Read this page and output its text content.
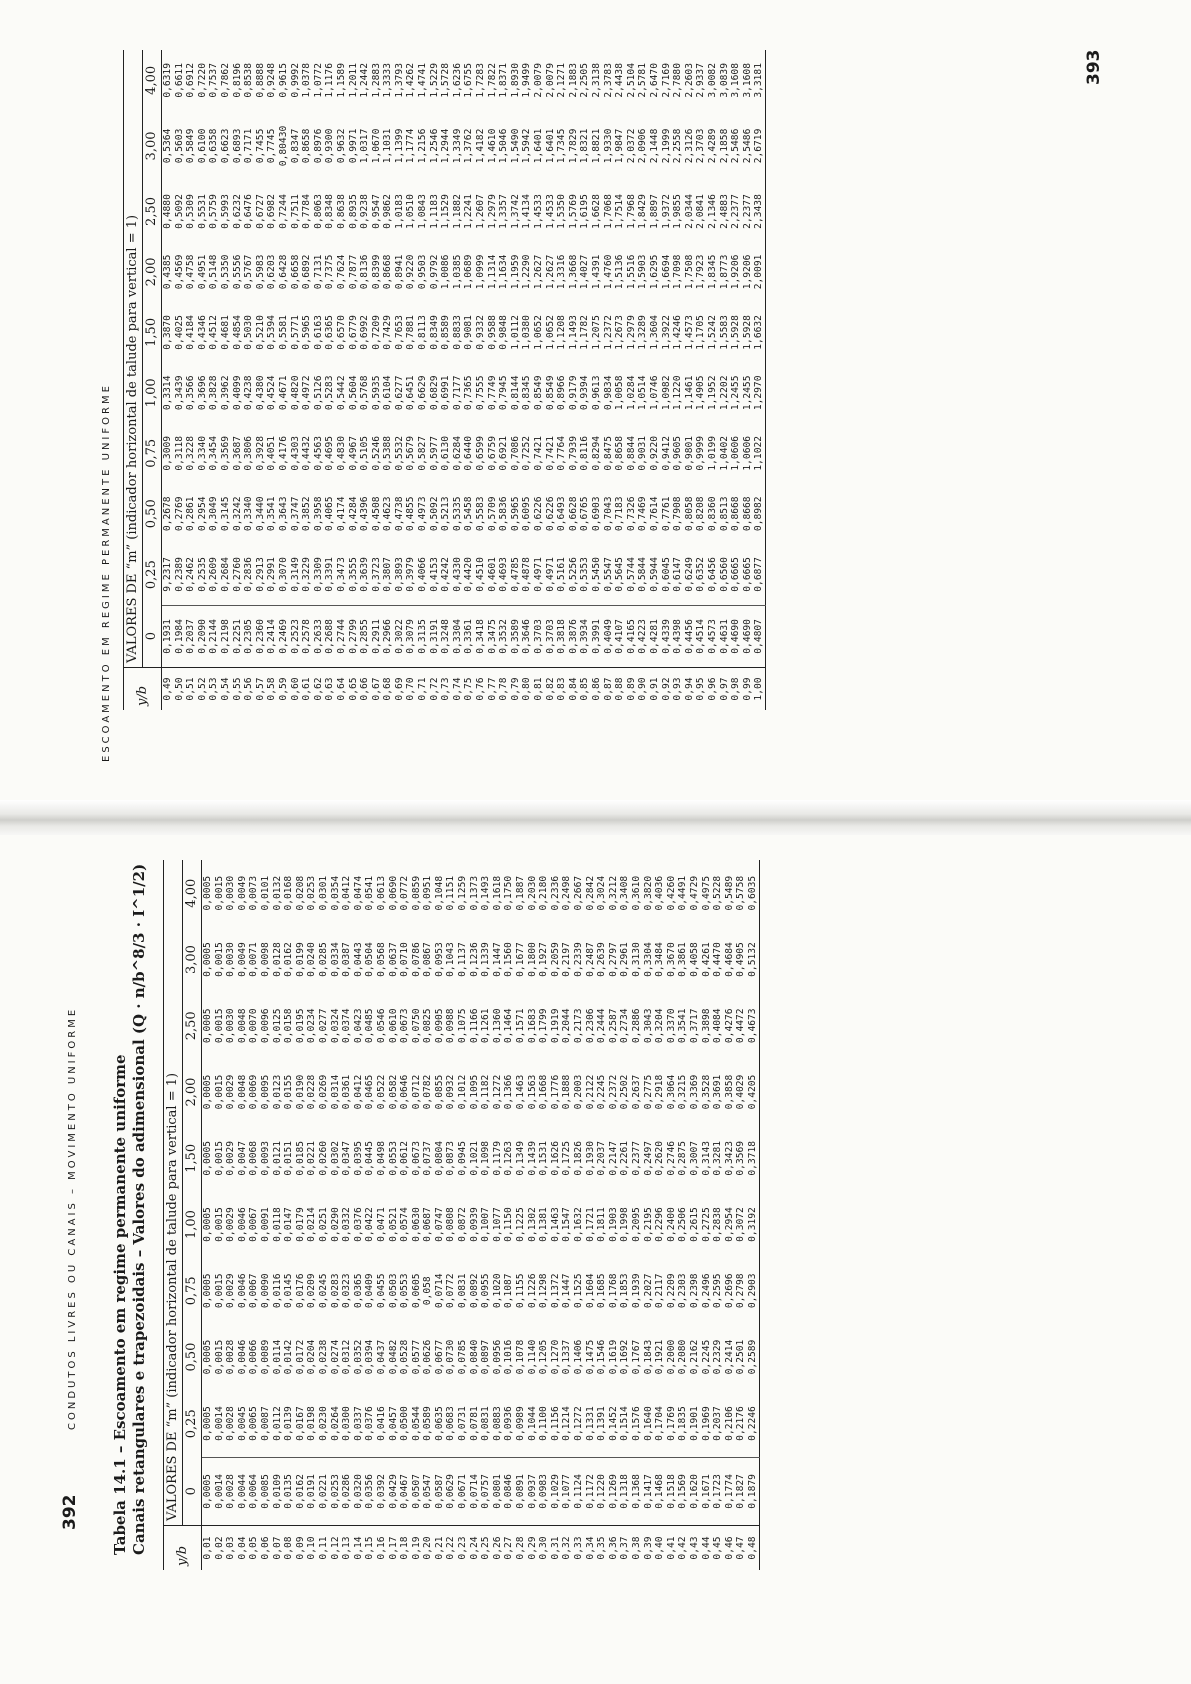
393
ESCOAMENTO EM REGIME PERMANENTE UNIFORME y/b	VALORES DE “m” (indicador horizontal de talude para vertical = 1)									
	0	0,25	0,50	0,75	1,00	1,50	2,00	2,50	3,00	4,00
0,49	0,1931	9,2317	0,2678	0,3009	0,3314	0,3870	0,4385	0,4880	0,5364	0,6319
0,50	0,1984	0,2389	0,2769	0,3118	0,3439	0,4025	0,4569	0,5092	0,5603	0,6611
0,51	0,2037	0,2462	0,2861	0,3228	0,3566	0,4184	0,4758	0,5309	0,5849	0,6912
0,52	0,2090	0,2535	0,2954	0,3340	0,3696	0,4346	0,4951	0,5531	0,6100	0,7220
0,53	0,2144	0,2609	0,3049	0,3454	0,3828	0,4512	0,5148	0,5759	0,6358	0,7537
0,54	0,2198	0,2684	0,3145	0,3569	0,3962	0,4681	0,5350	0,5993	0,6623	0,7862
0,55	0,2251	0,2760	0,3242	0,3687	0,4099	0,4854	0,5556	0,6232	0,6893	0,8196
0,56	0,2305	0,2836	0,3340	0,3806	0,4238	0,5030	0,5767	0,6476	0,7171	0,8538
0,57	0,2360	0,2913	0,3440	0,3928	0,4380	0,5210	0,5983	0,6727	0,7455	0,8888
0,58	0,2414	0,2991	0,3541	0,4051	0,4524	0,5394	0,6203	0,6982	0,7745	0,9248
0,59	0,2469	0,3070	0,3643	0,4176	0,4671	0,5581	0,6428	0,7244	0,80430	0,9615
0,60	0,2523	0,3149	0,3747	0,4303	0,4820	0,5771	0,6658	0,7511	0,8347	0,9992
0,61	0,2578	0,3229	0,3852	0,4432	0,4972	0,5965	0,6892	0,7784	0,8658	1,0378
0,62	0,2633	0,3309	0,3958	0,4563	0,5126	0,6163	0,7131	0,8063	0,8976	1,0772
0,63	0,2688	0,3391	0,4065	0,4695	0,5283	0,6365	0,7375	0,8348	0,9300	1,1176
0,64	0,2744	0,3473	0,4174	0,4830	0,5442	0,6570	0,7624	0,8638	0,9632	1,1589
0,65	0,2799	0,3555	0,4284	0,4967	0,5604	0,6779	0,7877	0,8935	0,9971	1,2011
0,66	0,2855	0,3639	0,4396	0,5105	0,5768	0,6992	0,8136	0,9238	1,0317	1,2442
0,67	0,2911	0,3723	0,4508	0,5246	0,5935	0,7209	0,8399	0,9547	1,0670	1,2883
0,68	0,2966	0,3807	0,4623	0,5388	0,6104	0,7429	0,8668	0,9862	1,1031	1,3333
0,69	0,3022	0,3893	0,4738	0,5532	0,6277	0,7653	0,8941	1,0183	1,1399	1,3793
0,70	0,3079	0,3979	0,4855	0,5679	0,6451	0,7881	0,9220	1,0510	1,1774	1,4262
0,71	0,3135	0,4066	0,4973	0,5827	0,6629	0,8113	0,9503	1,0843	1,2156	1,4741
0,72	0,3191	0,4153	0,5092	0,5977	0,6829	0,8349	0,9792	1,1183	1,2546	1,5229
0,73	0,3248	0,4242	0,5213	0,6130	0,6991	0,8589	1,0086	1,1529	1,2944	1,5728
0,74	0,3304	0,4330	0,5335	0,6284	0,7177	0,8833	1,0385	1,1882	1,3349	1,6236
0,75	0,3361	0,4420	0,5458	0,6440	0,7365	0,9081	1,0689	1,2241	1,3762	1,6755
0,76	0,3418	0,4510	0,5583	0,6599	0,7555	0,9332	1,0999	1,2607	1,4182	1,7283
0,77	0,3475	0,4601	0,5709	0,6759	0,7749	0,9588	1,1314	1,2979	1,4610	1,7822
0,78	0,3532	0,4693	0,5836	0,6921	0,7945	0,9848	1,1634	1,3357	1,5046	1,8371
0,79	0,3589	0,4785	0,5965	0,7086	0,8144	1,0112	1,1959	1,3742	1,5490	1,8930
0,80	0,3646	0,4878	0,6095	0,7252	0,8345	1,0380	1,2290	1,4134	1,5942	1,9499
0,81	0,3703	0,4971	0,6226	0,7421	0,8549	1,0652	1,2627	1,4533	1,6401	2,0079
0,82	0,3703	0,4971	0,6226	0,7421	0,8549	1,0652	1,2627	1,4533	1,6401	2,0079
0,83	0,3818	0,5161	0,6493	0,7764	0,8966	1,1208	1,3316	1,5350	1,7345	2,1271
0,84	0,3876	0,5256	0,6628	0,7939	0,9179	1,1493	1,3668	1,5769	1,7829	2,1883
0,85	0,3934	0,5353	0,6765	0,8116	0,9394	1,1782	1,4027	1,6195	1,8321	2,2505
0,86	0,3991	0,5450	0,6903	0,8294	0,9613	1,2075	1,4391	1,6628	1,8821	2,3138
0,87	0,4049	0,5547	0,7043	0,8475	0,9834	1,2372	1,4760	1,7068	1,9330	2,3783
0,88	0,4107	0,5645	0,7183	0,8658	1,0058	1,2673	1,5136	1,7514	1,9847	2,4438
0,89	0,4165	0,5744	0,7326	0,8844	1,0284	1,2979	1,5516	1,7968	2,0372	2,5104
0,90	0,4223	0,5844	0,7469	0,9031	1,0514	1,3289	1,5903	1,8429	2,0906	2,5781
0,91	0,4281	0,5944	0,7614	0,9220	1,0746	1,3604	1,6295	1,8897	2,1448	2,6470
0,92	0,4339	0,6045	0,7761	0,9412	1,0982	1,3922	1,6694	1,9372	2,1999	2,7169
0,93	0,4398	0,6147	0,7908	0,9605	1,1220	1,4246	1,7098	1,9855	2,2558	2,7880
0,94	0,4456	0,6249	0,8058	0,9801	1,1461	1,4573	1,7508	2,0344	2,3126	2,2603
0,95	0,4514	0,6352	0,8208	0,9999	1,4905	1,1705	1,7923	2,0841	2,3703	2,9337
0,96	0,4573	0,6456	0,8360	1,0199	1,1952	1,5242	1,8345	2,1346	2,4289	3,0082
0,97	0,4631	0,6560	0,8513	1,0402	1,2202	1,5583	1,8773	2,4883	2,1858	3,0839
0,98	0,4690	0,6665	0,8668	1,0606	1,2455	1,5928	1,9206	2,2377	2,5486	3,1608
0,99	0,4690	0,6665	0,8668	1,0606	1,2455	1,5928	1,9206	2,2377	2,5486	3,1608
1,00	0,4807	0,6877	0,8982	1,1022	1,2970	1,6632	2,0091	2,3438	2,6719	3,3181
392
CONDUTOS LIVRES OU CANAIS – MOVIMENTO UNIFORME Tabela 14.1 – Escoamento em regime permanente uniforme Canais retangulares e trapezoidais – Valores do adimensional (Q · n/b^8/3 · I^1/2)
y/b	VALORES DE “m” (indicador horizontal de talude para vertical = 1)									
	0	0,25	0,50	0,75	1,00	1,50	2,00	2,50	3,00	4,00
0,01	0,0005	0,0005	0,0005	0,0005	0,0005	0,0005	0,0005	0,0005	0,0005	0,0005
0,02	0,0014	0,0014	0,0015	0,0015	0,0015	0,0015	0,0015	0,0015	0,0015	0,0015
0,03	0,0028	0,0028	0,0028	0,0029	0,0029	0,0029	0,0029	0,0030	0,0030	0,0030
0,04	0,0044	0,0045	0,0046	0,0046	0,0046	0,0047	0,0048	0,0048	0,0049	0,0049
0,05	0,0064	0,0065	0,0066	0,0067	0,0067	0,0068	0,0069	0,0070	0,0071	0,0073
0,06	0,0085	0,0087	0,0089	0,0090	0,0091	0,0093	0,0095	0,0096	0,0098	0,0101
0,07	0,0109	0,0112	0,0114	0,0116	0,0118	0,0121	0,0123	0,0125	0,0128	0,0132
0,08	0,0135	0,0139	0,0142	0,0145	0,0147	0,0151	0,0155	0,0158	0,0162	0,0168
0,09	0,0162	0,0167	0,0172	0,0176	0,0179	0,0185	0,0190	0,0195	0,0199	0,0208
0,10	0,0191	0,0198	0,0204	0,0209	0,0214	0,0221	0,0228	0,0234	0,0240	0,0253
0,11	0,0221	0,0230	0,0238	0,0245	0,0251	0,0260	0,0269	0,0277	0,0285	0,0301
0,12	0,0253	0,0264	0,0274	0,0283	0,0290	0,0302	0,0314	0,0324	0,0334	0,0354
0,13	0,0286	0,0300	0,0312	0,0323	0,0332	0,0347	0,0361	0,0374	0,0387	0,0412
0,14	0,0320	0,0337	0,0352	0,0365	0,0376	0,0395	0,0412	0,0423	0,0443	0,0474
0,15	0,0356	0,0376	0,0394	0,0409	0,0422	0,0445	0,0465	0,0485	0,0504	0,0541
0,16	0,0392	0,0416	0,0437	0,0455	0,0471	0,0498	0,0522	0,0546	0,0568	0,0613
0,17	0,0429	0,0457	0,0482	0,0503	0,0521	0,0553	0,0582	0,0610	0,0637	0,0690
0,18	0,0467	0,0500	0,0528	0,0553	0,0574	0,0612	0,0646	0,0673	0,0710	0,0772
0,19	0,0507	0,0544	0,0577	0,0605	0,0630	0,0673	0,0712	0,0750	0,0786	0,0859
0,20	0,0547	0,0589	0,0626	0,058	0,0687	0,0737	0,0782	0,0825	0,0867	0,0951
0,21	0,0587	0,0635	0,0677	0,0714	0,0747	0,0804	0,0855	0,0905	0,0953	0,1048
0,22	0,0629	0,0683	0,0730	0,0772	0,0808	0,0873	0,0932	0,0988	0,1043	0,1151
0,23	0,0671	0,0731	0,0785	0,0831	0,0872	0,0945	0,1012	0,1075	0,1137	0,1259
0,24	0,0714	0,0781	0,0840	0,0892	0,0939	0,1021	0,1095	0,1166	0,1236	0,1373
0,25	0,0757	0,0831	0,0897	0,0955	0,1007	0,1098	0,1182	0,1261	0,1339	0,1493
0,26	0,0801	0,0883	0,0956	0,1020	0,1077	0,1179	0,1272	0,1360	0,1447	0,1618
0,27	0,0846	0,0936	0,1016	0,1087	0,1150	0,1263	0,1366	0,1464	0,1560	0,1750
0,28	0,0891	0,0989	0,1078	0,1155	0,1225	0,1349	0,1463	0,1571	0,1677	0,1887
0,29	0,0937	0,1044	0,1140	0,1226	0,1302	0,1439	0,1563	0,1683	0,1800	0,2030
0,30	0,0983	0,1100	0,1205	0,1298	0,1381	0,1531	0,1668	0,1799	0,1927	0,2180
0,31	0,1029	0,1156	0,1270	0,1372	0,1463	0,1626	0,1776	0,1919	0,2059	0,2336
0,32	0,1077	0,1214	0,1337	0,1447	0,1547	0,1725	0,1888	0,2044	0,2197	0,2498
0,33	0,1124	0,1272	0,1406	0,1525	0,1632	0,1826	0,2003	0,2173	0,2339	0,2667
0,34	0,1172	0,1331	0,1475	0,1604	0,1721	0,1930	0,2122	0,2306	0,2487	0,2842
0,35	0,1220	0,1391	0,1546	0,1685	0,1811	0,2037	0,2245	0,2444	0,2639	0,3024
0,36	0,1269	0,1452	0,1619	0,1768	0,1903	0,2147	0,2372	0,2587	0,2797	0,3212
0,37	0,1318	0,1514	0,1692	0,1853	0,1998	0,2261	0,2502	0,2734	0,2961	0,3408
0,38	0,1368	0,1576	0,1767	0,1939	0,2095	0,2377	0,2637	0,2886	0,3130	0,3610
0,39	0,1417	0,1640	0,1843	0,2027	0,2195	0,2497	0,2775	0,3043	0,3304	0,3820
0,40	0,1468	0,1704	0,1921	0,2117	0,2296	0,2620	0,2918	0,3204	0,3484	0,4036
0,41	0,1518	0,1769	0,2000	0,2209	0,2400	0,2746	0,3064	0,3370	0,3670	0,4260
0,42	0,1569	0,1835	0,2080	0,2303	0,2506	0,2875	0,3215	0,3541	0,3861	0,4491
0,43	0,1620	0,1901	0,2162	0,2398	0,2615	0,3007	0,3369	0,3717	0,4058	0,4729
0,44	0,1671	0,1969	0,2245	0,2496	0,2725	0,3143	0,3528	0,3898	0,4261	0,4975
0,45	0,1723	0,2037	0,2329	0,2595	0,2838	0,3281	0,3691	0,4084	0,4470	0,5228
0,46	0,1774	0,2106	0,2414	0,2696	0,2954	0,3423	0,3858	0,4276	0,4684	0,5489
0,47	0,1827	0,2176	0,2501	0,2798	0,3072	0,3569	0,4029	0,4472	0,4905	0,5758
0,48	0,1879	0,2246	0,2589	0,2903	0,3192	0,3718	0,4205	0,4673	0,5132	0,6035
